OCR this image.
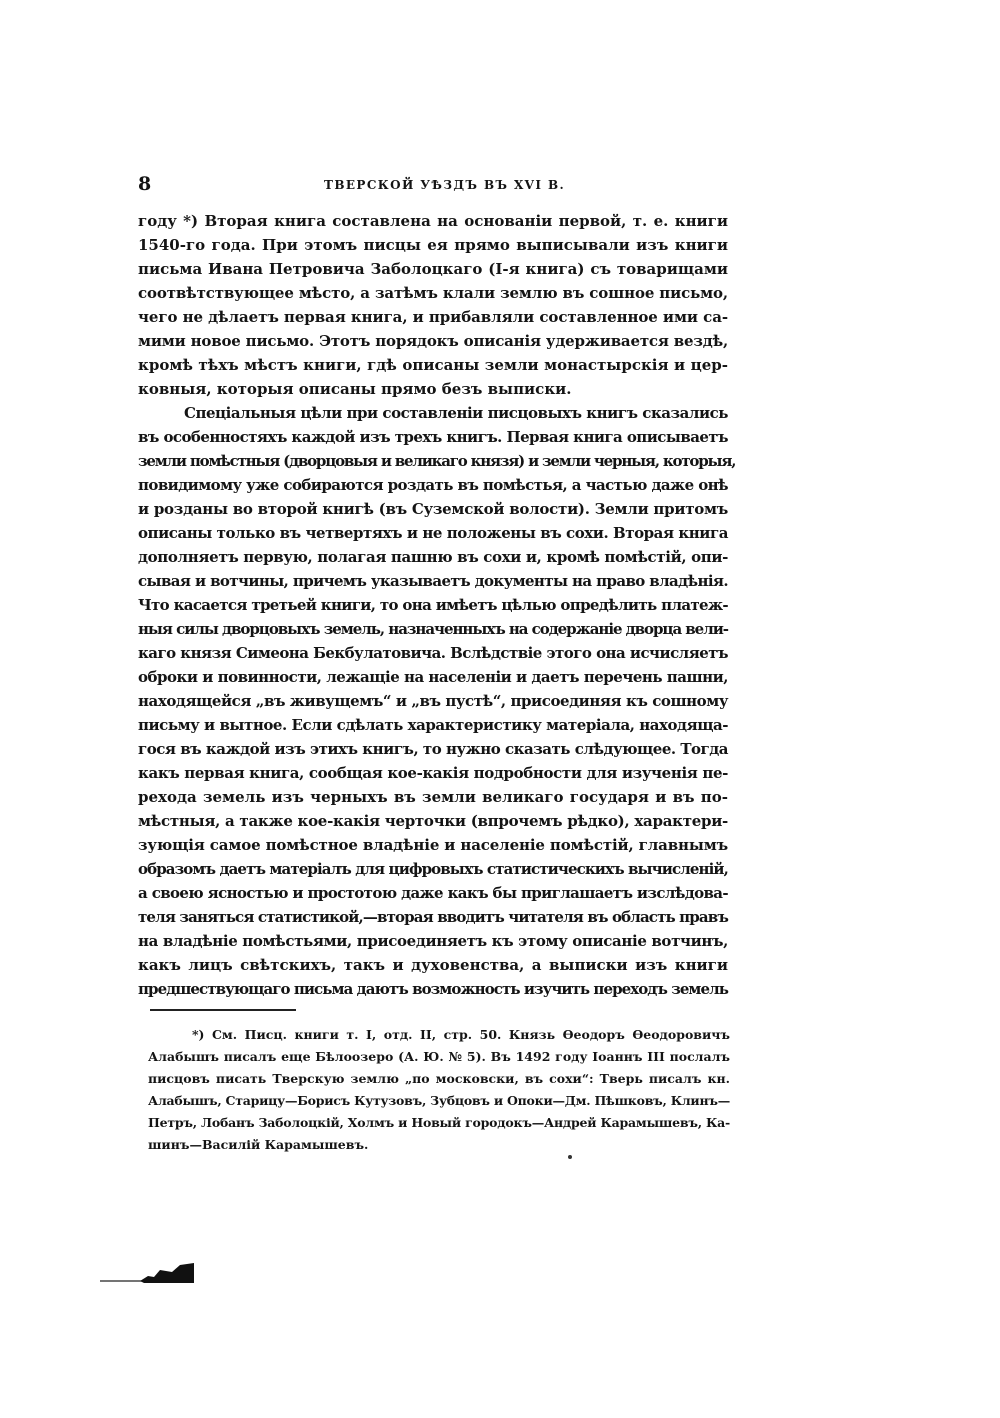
8	ТВЕРСКОЙ УѢЗДЪ ВЪ XVI В.
году *) Вторая книга составлена на основаніи первой, т. е. книги
1540-го года. При этомъ писцы ея прямо выписывали изъ книги
письма Ивана Петровича Заболоцкаго (I-я книга) съ товарищами
соотвѣтствующее мѣсто, а затѣмъ клали землю въ сошное письмо,
чего не дѣлаетъ первая книга, и прибавляли составленное ими са-
мими новое письмо. Этотъ порядокъ описанія удерживается вездѣ,
кромѣ тѣхъ мѣстъ книги, гдѣ описаны земли монастырскія и цер-
ковныя, которыя описаны прямо безъ выписки.
Спеціальныя цѣли при составленіи писцовыхъ книгъ сказались
въ особенностяхъ каждой изъ трехъ книгъ. Первая книга описываетъ
земли помѣстныя (дворцовыя и великаго князя) и земли черныя, которыя,
повидимому уже собираются роздать въ помѣстья, а частью даже онѣ
и розданы во второй книгѣ (въ Суземской волости). Земли притомъ
описаны только въ четвертяхъ и не положены въ сохи. Вторая книга
дополняетъ первую, полагая пашню въ сохи и, кромѣ помѣстій, опи-
сывая и вотчины, причемъ указываетъ документы на право владѣнія.
Что касается третьей книги, то она имѣетъ цѣлью опредѣлить платеж-
ныя силы дворцовыхъ земель, назначенныхъ на содержаніе дворца вели-
каго князя Симеона Бекбулатовича. Вслѣдствіе этого она исчисляетъ
оброки и повинности, лежащіе на населеніи и даетъ перечень пашни,
находящейся „въ живущемъ“ и „въ пустѣ“, присоединяя къ сошному
письму и вытное. Если сдѣлать характеристику матеріала, находяща-
гося въ каждой изъ этихъ книгъ, то нужно сказать слѣдующее. Тогда
какъ первая книга, сообщая кое-какія подробности для изученія пе-
рехода земель изъ черныхъ въ земли великаго государя и въ по-
мѣстныя, а также кое-какія черточки (впрочемъ рѣдко), характери-
зующія самое помѣстное владѣніе и населеніе помѣстій, главнымъ
образомъ даетъ матеріалъ для цифровыхъ статистическихъ вычисленій,
а своею ясностью и простотою даже какъ бы приглашаетъ изслѣдова-
теля заняться статистикой,—вторая вводитъ читателя въ область правъ
на владѣніе помѣстьями, присоединяетъ къ этому описаніе вотчинъ,
какъ лицъ свѣтскихъ, такъ и духовенства, а выписки изъ книги
предшествующаго письма даютъ возможность изучить переходъ земель
*) См. Писц. книги т. I, отд. II, стр. 50. Князь Ѳеодоръ Ѳеодоровичъ
Алабышъ писалъ еще Бѣлоозеро (А. Ю. № 5). Въ 1492 году Іоаннъ III послалъ
писцовъ писать Тверскую землю „по московски, въ сохи“: Тверь писалъ кн.
Алабышъ, Старицу—Борисъ Кутузовъ, Зубцовъ и Опоки—Дм. Пѣшковъ, Клинъ—
Петръ, Лобанъ Заболоцкій, Холмъ и Новый городокъ—Андрей Карамышевъ, Ка-
шинъ—Василій Карамышевъ.
